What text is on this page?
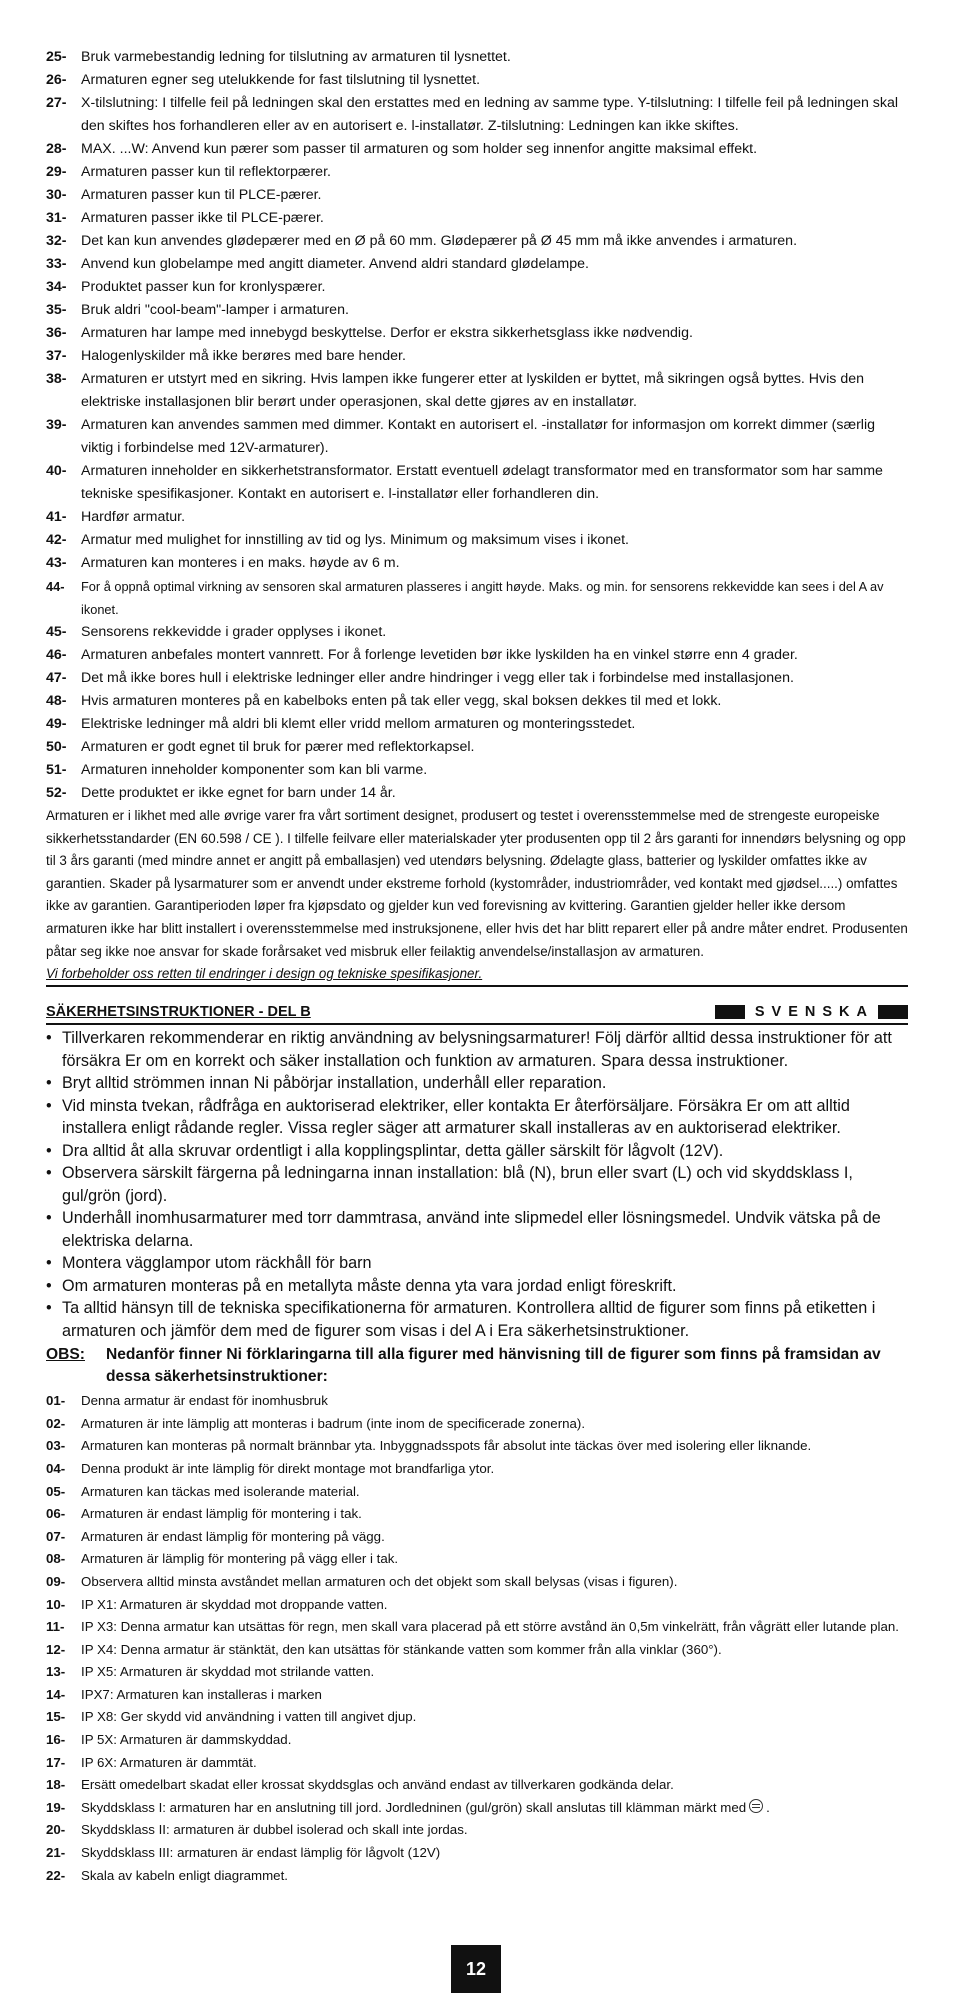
25-	Bruk varmebestandig ledning for tilslutning av armaturen til lysnettet.
26-	Armaturen egner seg utelukkende for fast tilslutning til lysnettet.
27-	X-tilslutning: I tilfelle feil på ledningen skal den erstattes med en ledning av samme type. Y-tilslutning: I tilfelle feil på ledningen skal den skiftes hos forhandleren eller av en autorisert e. l-installatør. Z-tilslutning: Ledningen kan ikke skiftes.
28-	MAX. ...W: Anvend kun pærer som passer til armaturen og som holder seg innenfor angitte maksimal effekt.
29-	Armaturen passer kun til reflektorpærer.
30-	Armaturen passer kun til PLCE-pærer.
31-	Armaturen passer ikke til PLCE-pærer.
32-	Det kan kun anvendes glødepærer med en Ø på 60 mm. Glødepærer på Ø 45 mm må ikke anvendes i armaturen.
33-	Anvend kun globelampe med angitt diameter. Anvend aldri standard glødelampe.
34-	Produktet passer kun for kronlyspærer.
35-	Bruk aldri "cool-beam"-lamper i armaturen.
36-	Armaturen har lampe med innebygd beskyttelse. Derfor er ekstra sikkerhetsglass ikke nødvendig.
37-	Halogenlyskilder må ikke berøres med bare hender.
38-	Armaturen er utstyrt med en sikring. Hvis lampen ikke fungerer etter at lyskilden er byttet, må sikringen også byttes. Hvis den elektriske installasjonen blir berørt under operasjonen, skal dette gjøres av en installatør.
39-	Armaturen kan anvendes sammen med dimmer. Kontakt en autorisert el. -installatør for informasjon om korrekt dimmer (særlig viktig i forbindelse med 12V-armaturer).
40-	Armaturen inneholder en sikkerhetstransformator. Erstatt eventuell ødelagt transformator med en transformator som har samme tekniske spesifikasjoner. Kontakt en autorisert e. l-installatør eller forhandleren din.
41-	Hardfør armatur.
42-	Armatur med mulighet for innstilling av tid og lys. Minimum og maksimum vises i ikonet.
43-	Armaturen kan monteres i en maks. høyde av 6 m.
44-	For å oppnå optimal virkning av sensoren skal armaturen plasseres i angitt høyde. Maks. og min. for sensorens rekkevidde kan sees i del A av ikonet.
45-	Sensorens rekkevidde i grader opplyses i ikonet.
46-	Armaturen anbefales montert vannrett. For å forlenge levetiden bør ikke lyskilden ha en vinkel større enn 4 grader.
47-	Det må ikke bores hull i elektriske ledninger eller andre hindringer i vegg eller tak i forbindelse med installasjonen.
48-	Hvis armaturen monteres på en kabelboks enten på tak eller vegg, skal boksen dekkes til med et lokk.
49-	Elektriske ledninger må aldri bli klemt eller vridd mellom armaturen og monteringsstedet.
50-	Armaturen er godt egnet til bruk for pærer med reflektorkapsel.
51-	Armaturen inneholder komponenter som kan bli varme.
52-	Dette produktet er ikke egnet for barn under 14 år.
Armaturen er i likhet med alle øvrige varer fra vårt sortiment designet, produsert og testet i overensstemmelse med de strengeste europeiske sikkerhetsstandarder (EN 60.598 / CE ). I tilfelle feilvare eller materialskader yter produsenten opp til 2 års garanti for innendørs belysning og opp til 3 års garanti (med mindre annet er angitt på emballasjen) ved utendørs belysning. Ødelagte glass, batterier og lyskilder omfattes ikke av garantien. Skader på lysarmaturer som er anvendt under ekstreme forhold (kystområder, industriområder, ved kontakt med gjødsel.....) omfattes ikke av garantien. Garantiperioden løper fra kjøpsdato og gjelder kun ved forevisning av kvittering. Garantien gjelder heller ikke dersom armaturen ikke har blitt installert i overensstemmelse med instruksjonene, eller hvis det har blitt reparert eller på andre måter endret. Produsenten påtar seg ikke noe ansvar for skade forårsaket ved misbruk eller feilaktig anvendelse/installasjon av armaturen.
Vi forbeholder oss retten til endringer i design og tekniske spesifikasjoner.
SÄKERHETSINSTRUKTIONER - DEL B	SVENSKA
• Tillverkaren rekommenderar en riktig användning av belysningsarmaturer! Följ därför alltid dessa instruktioner för att försäkra Er om en korrekt och säker installation och funktion av armaturen. Spara dessa instruktioner.
• Bryt alltid strömmen innan Ni påbörjar installation, underhåll eller reparation.
• Vid minsta tvekan, rådfråga en auktoriserad elektriker, eller kontakta Er återförsäljare. Försäkra Er om att alltid installera enligt rådande regler. Vissa regler säger att armaturer skall installeras av en auktoriserad elektriker.
• Dra alltid åt alla skruvar ordentligt i alla kopplingsplintar, detta gäller särskilt för lågvolt (12V).
• Observera särskilt färgerna på ledningarna innan installation: blå (N), brun eller svart (L) och vid skyddsklass I, gul/grön (jord).
• Underhåll inomhusarmaturer med torr dammtrasa, använd inte slipmedel eller lösningsmedel. Undvik vätska på de elektriska delarna.
• Montera vägglampor utom räckhåll för barn
• Om armaturen monteras på en metallyta måste denna yta vara jordad enligt föreskrift.
• Ta alltid hänsyn till de tekniska specifikationerna för armaturen. Kontrollera alltid de figurer som finns på etiketten i armaturen och jämför dem med de figurer som visas i del A i Era säkerhetsinstruktioner.
OBS:	Nedanför finner Ni förklaringarna till alla figurer med hänvisning till de figurer som finns på framsidan av dessa säkerhetsinstruktioner:
01-	Denna armatur är endast för inomhusbruk
02-	Armaturen är inte lämplig att monteras i badrum (inte inom de specificerade zonerna).
03-	Armaturen kan monteras på normalt brännbar yta. Inbyggnadsspots får absolut inte täckas över med isolering eller liknande.
04-	Denna produkt är inte lämplig för direkt montage mot brandfarliga ytor.
05-	Armaturen kan täckas med isolerande material.
06-	Armaturen är endast lämplig för montering i tak.
07-	Armaturen är endast lämplig för montering på vägg.
08-	Armaturen är lämplig för montering på vägg eller i tak.
09-	Observera alltid minsta avståndet mellan armaturen och det objekt som skall belysas (visas i figuren).
10-	IP X1: Armaturen är skyddad mot droppande vatten.
11-	IP X3: Denna armatur kan utsättas för regn, men skall vara placerad på ett större avstånd än 0,5m vinkelrätt, från vågrätt eller lutande plan.
12-	IP X4: Denna armatur är stänktät, den kan utsättas för stänkande vatten som kommer från alla vinklar (360°).
13-	IP X5: Armaturen är skyddad mot strilande vatten.
14-	IPX7: Armaturen kan installeras i marken
15-	IP X8: Ger skydd vid användning i vatten till angivet djup.
16-	IP 5X: Armaturen är dammskyddad.
17-	IP 6X: Armaturen är dammtät.
18-	Ersätt omedelbart skadat eller krossat skyddsglas och använd endast av tillverkaren godkända delar.
19-	Skyddsklass I: armaturen har en anslutning till jord. Jordledninen (gul/grön) skall anslutas till klämman märkt med .
20-	Skyddsklass II: armaturen är dubbel isolerad och skall inte jordas.
21-	Skyddsklass III: armaturen är endast lämplig för lågvolt (12V)
22-	Skala av kabeln enligt diagrammet.
12
